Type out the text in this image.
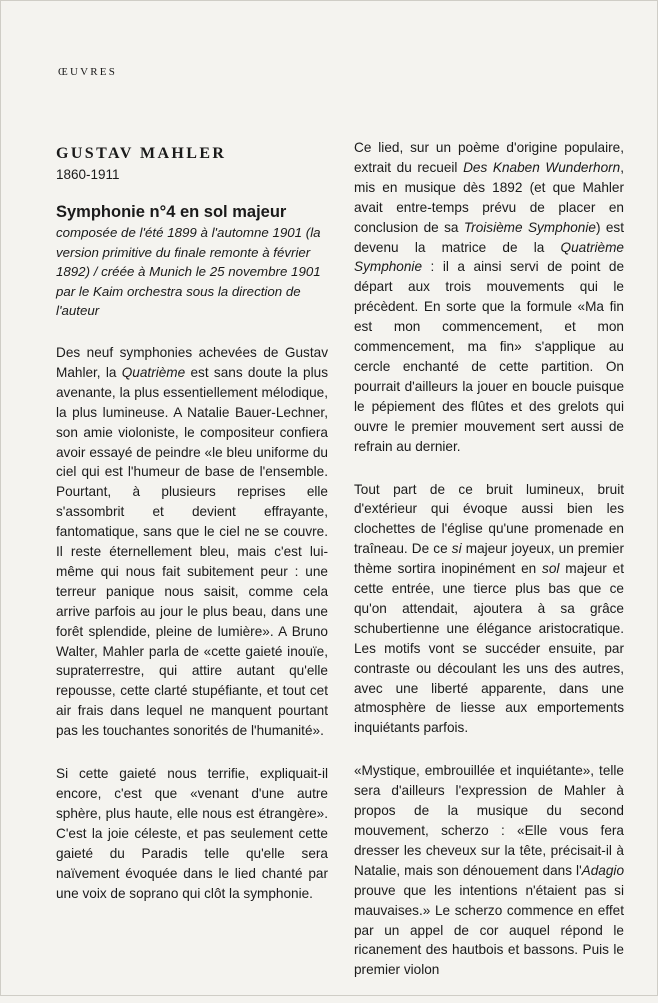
ŒUVRES
GUSTAV MAHLER

1860-1911

Symphonie n°4 en sol majeur

composée de l'été 1899 à l'automne 1901 (la version primitive du finale remonte à février 1892) / créée à Munich le 25 novembre 1901 par le Kaim orchestra sous la direction de l'auteur

Des neuf symphonies achevées de Gustav Mahler, la Quatrième est sans doute la plus avenante, la plus essentiellement mélodique, la plus lumineuse. A Natalie Bauer-Lechner, son amie violoniste, le compositeur confiera avoir essayé de peindre «le bleu uniforme du ciel qui est l'humeur de base de l'ensemble. Pourtant, à plusieurs reprises elle s'assombrit et devient effrayante, fantomatique, sans que le ciel ne se couvre. Il reste éternellement bleu, mais c'est lui-même qui nous fait subitement peur : une terreur panique nous saisit, comme cela arrive parfois au jour le plus beau, dans une forêt splendide, pleine de lumière». A Bruno Walter, Mahler parla de «cette gaieté inouïe, supraterrestre, qui attire autant qu'elle repousse, cette clarté stupéfiante, et tout cet air frais dans lequel ne manquent pourtant pas les touchantes sonorités de l'humanité».

Si cette gaieté nous terrifie, expliquait-il encore, c'est que «venant d'une autre sphère, plus haute, elle nous est étrangère». C'est la joie céleste, et pas seulement cette gaieté du Paradis telle qu'elle sera naïvement évoquée dans le lied chanté par une voix de soprano qui clôt la symphonie.

Ce lied, sur un poème d'origine populaire, extrait du recueil Des Knaben Wunderhorn, mis en musique dès 1892 (et que Mahler avait entre-temps prévu de placer en conclusion de sa Troisième Symphonie) est devenu la matrice de la Quatrième Symphonie : il a ainsi servi de point de départ aux trois mouvements qui le précèdent. En sorte que la formule «Ma fin est mon commencement, et mon commencement, ma fin» s'applique au cercle enchanté de cette partition. On pourrait d'ailleurs la jouer en boucle puisque le pépiement des flûtes et des grelots qui ouvre le premier mouvement sert aussi de refrain au dernier.

Tout part de ce bruit lumineux, bruit d'extérieur qui évoque aussi bien les clochettes de l'église qu'une promenade en traîneau. De ce si majeur joyeux, un premier thème sortira inopinément en sol majeur et cette entrée, une tierce plus bas que ce qu'on attendait, ajoutera à sa grâce schubertienne une élégance aristocratique. Les motifs vont se succéder ensuite, par contraste ou découlant les uns des autres, avec une liberté apparente, dans une atmosphère de liesse aux emportements inquiétants parfois.

«Mystique, embrouillée et inquiétante», telle sera d'ailleurs l'expression de Mahler à propos de la musique du second mouvement, scherzo : «Elle vous fera dresser les cheveux sur la tête, précisait-il à Natalie, mais son dénouement dans l'Adagio prouve que les intentions n'étaient pas si mauvaises.» Le scherzo commence en effet par un appel de cor auquel répond le ricanement des hautbois et bassons. Puis le premier violon
